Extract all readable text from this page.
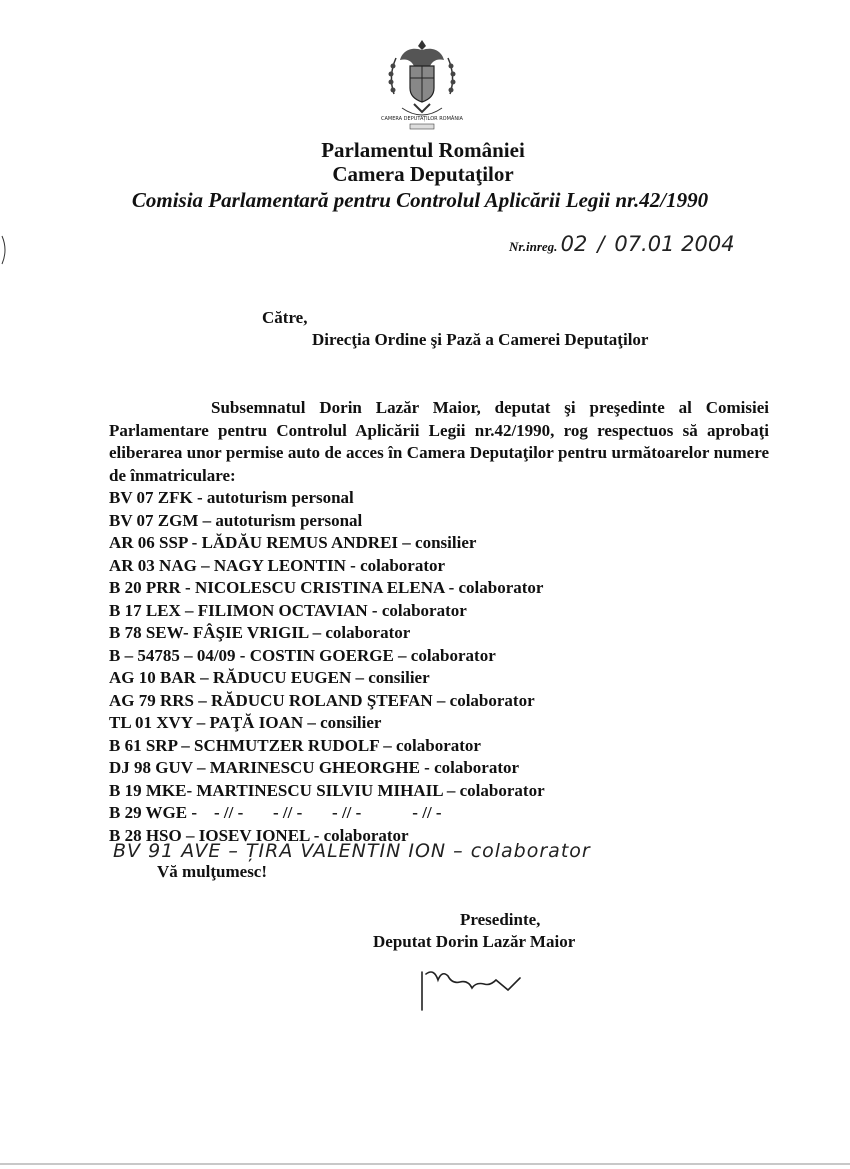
CAMERA DEPUTAȚILOR ROMÂNIA
Parlamentul României
Camera Deputaţilor
Comisia Parlamentară pentru Controlul Aplicării Legii nr.42/1990
Nr.inreg. 02  /  07.01 2004
Către,
Direcţia Ordine şi Pază a Camerei Deputaţilor
Subsemnatul Dorin Lazăr Maior, deputat şi preşedinte al Comisiei Parlamentare pentru Controlul Aplicării Legii nr.42/1990, rog respectuos să aprobaţi eliberarea unor permise auto de acces în Camera Deputaţilor pentru următoarelor numere de înmatriculare:
BV 07 ZFK - autoturism personal
BV 07 ZGM – autoturism personal
AR 06 SSP - LĂDĂU REMUS ANDREI – consilier
AR 03 NAG – NAGY LEONTIN - colaborator
B 20 PRR - NICOLESCU CRISTINA ELENA - colaborator
B 17 LEX – FILIMON OCTAVIAN - colaborator
B 78 SEW- FÂŞIE VRIGIL – colaborator
B – 54785 – 04/09 - COSTIN GOERGE – colaborator
AG 10 BAR – RĂDUCU EUGEN – consilier
AG 79 RRS – RĂDUCU ROLAND ŞTEFAN – colaborator
TL 01 XVY – PAŢĂ IOAN – consilier
B 61 SRP – SCHMUTZER RUDOLF – colaborator
DJ 98 GUV – MARINESCU GHEORGHE - colaborator
B 19 MKE- MARTINESCU SILVIU MIHAIL – colaborator
B 29 WGE -    - // -       - // -       - // -            - // -
B 28 HSO – IOSEV IONEL - colaborator
BV 91 AVE – ȚIRA VALENTIN ION – colaborator
Vă mulţumesc!
Presedinte,
Deputat Dorin Lazăr Maior
